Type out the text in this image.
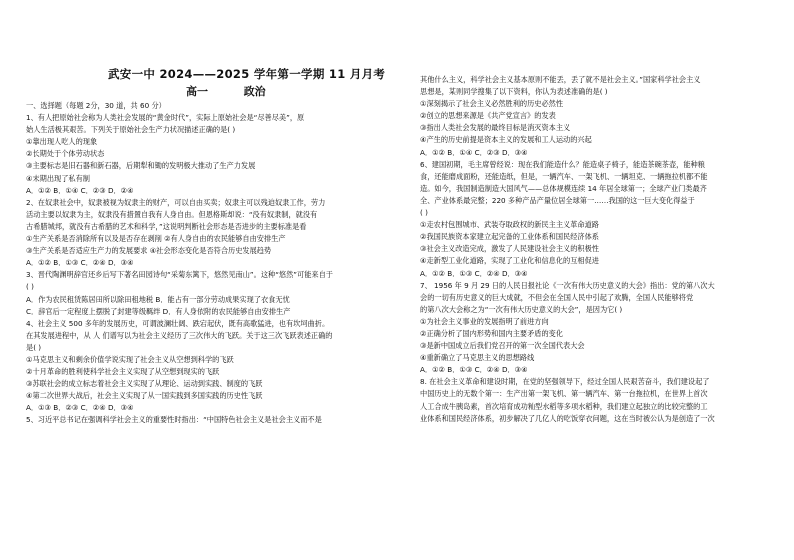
武安一中 2024——2025 学年第一学期 11 月月考
高一	政治
一、选择题（每题 2分，30 道，共 60 分）
1、有人把原始社会称为人类社会发展的“黄金时代”，实际上原始社会是“尽善尽美”，原
始人生活极其艰苦。下列关于原始社会生产力状况描述正确的是( )
①靠出现人吃人的现象
②长期处于个体劳动状态
③主要标志是旧石器和新石器，后期犁和锄的发明极大推动了生产力发展
④末期出现了私有制
A．①② B．①④ C．②③ D．②④
2、在奴隶社会中，奴隶被视为奴隶主的财产，可以自由买卖；奴隶主可以残迫奴隶工作，劳力
活动主要以奴隶为主，奴隶没有措置自我有人身自由。但恩格斯却说：“没有奴隶制，就没有
古希腊城邦，就没有古希腊的艺术和科学，”这说明判断社会形态是否进步的主要标准是看
①生产关系是否消除所有以及是否存在剥削 ②有人身自由的农民能够自由安排生产
③生产关系是否适应生产力的发展要求 ④社会形态变化是否符合历史发展趋势
A．①② B．①③ C．②④ D．③④
3、晋代陶渊明辞官还乡后写下著名田园诗句“采菊东篱下，悠然见南山”。这种“悠然”可能来自于
( )
A．作为农民租赁陈居田所以除田租地税 B．能占有一部分劳动成果实现了衣食无忧
C．辞官后一定程度上摆脱了封建等级羁绊 D．有人身依附的农民能够自由安排生产
4、社会主义 500 多年的发展历史，可谓波澜壮阔、跌宕起伏，既有高歌猛进，也有坎坷曲折。
在其发展进程中，从 人 们谱写以为社会主义经历了三次伟大的飞跃。关于这三次飞跃表述正确的
是( )
①马克思主义和剩余价值学说实现了社会主义从空想到科学的飞跃
②十月革命的胜利使科学社会主义实现了从空想到现实的飞跃
③苏联社会的成立标志着社会主义实现了从理论、运动到实践、制度的飞跃
④第二次世界大战后，社会主义实现了从一国实践到多国实践的历史性飞跃
A．①③ B．②③ C．②④ D．③④
5、习近平总书记在强调科学社会主义的重要性时指出：“中国特色社会主义是社会主义而不是
其他什么主义，科学社会主义基本原则不能丢，丢了就不是社会主义。”国家科学社会主义
思想是，某则同学搜集了以下资料，你认为表述准确的是( )
①深刻揭示了社会主义必然胜利的历史必然性
②创立的思想来源是《共产党宣言》的发表
③指出人类社会发展的最终目标是消灭资本主义
④产生的历史前提是资本主义的发展和工人运动的兴起
A．①② B．①④ C．②③ D．③④
6、建国初期，毛主席曾经说：现在我们能造什么？能造桌子椅子，能造茶碗茶壶，能种粮
食，还能磨成面粉，还能造纸，但是，一辆汽车、一架飞机、一辆坦克、一辆拖拉机都不能
造。如今，我国制造制造大国风气——总体规模连续 14 年居全球第一；全球产业门类最齐
全、产业体系最完整；220 多种产品产量位居全球第一……我国的这一巨大变化得益于
( )
①走农村包围城市、武装夺取政权的新民主主义革命道路
②我国民族资本家建立起完备的工业体系和国民经济体系
③社会主义改造完成，激发了人民建设社会主义的积极性
④走新型工业化道路，实现了工业化和信息化的互相促进
A．①② B．①③ C．②④ D．③④
7、 1956 年 9 月 29 日的人民日报社论《一次有伟大历史意义的大会》指出：党的第八次大
会的一切有历史意义的巨大成就，不但会在全国人民中引起了欢腾，全国人民能够将党
的第八次大会称之为“一次有伟大历史意义的大会”，是因为它( )
①为社会主义事业的发展指明了前进方向
②正确分析了国内形势和国内主要矛盾的变化
③是新中国成立后我们党召开的第一次全国代表大会
④重新确立了马克思主义的思想路线
A．①② B．①③ C．②④ D．③④
8. 在社会主义革命和建设时期，在党的坚强领导下，经过全国人民艰苦奋斗，我们建设起了
中国历史上的无数个第一：生产出第一架飞机、第一辆汽车、第一台拖拉机，在世界上首次
人工合成牛胰岛素，首次培育成功籼型水稻等多项水稻种，我们建立起独立的比较完整的工
业体系和国民经济体系，初步解决了几亿人的吃饭穿衣问题，这在当时被公认为是创造了一次
